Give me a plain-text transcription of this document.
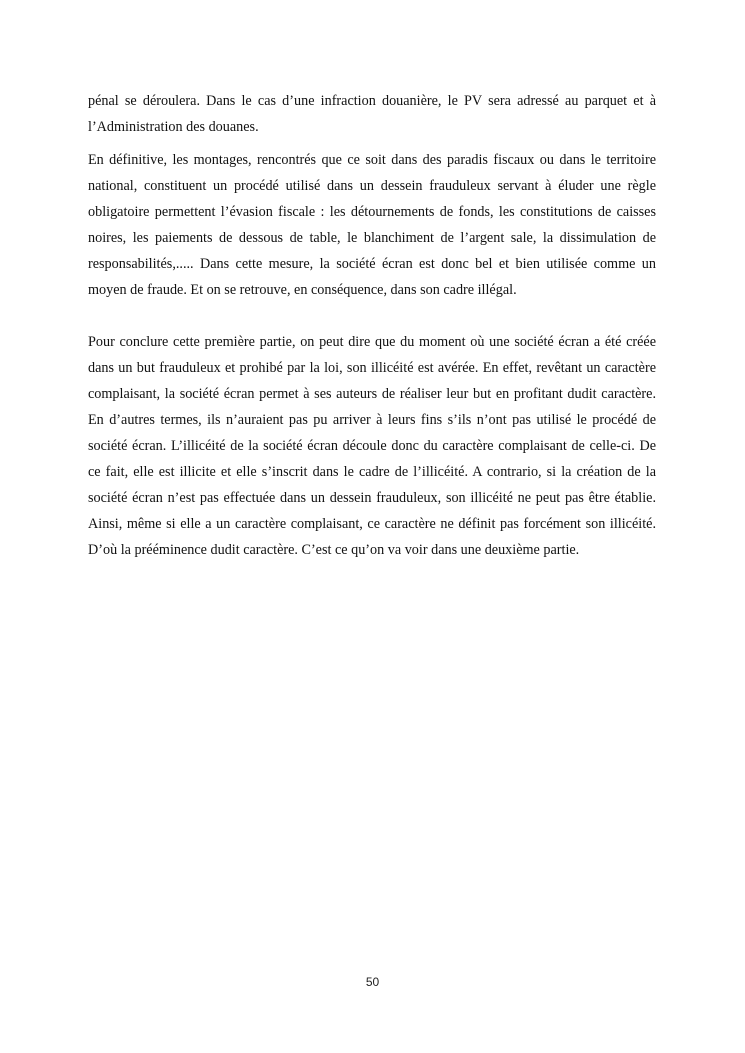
pénal se déroulera. Dans le cas d’une infraction douanière, le PV sera adressé au parquet et à l’Administration des douanes.

En définitive, les montages, rencontrés que ce soit dans des paradis fiscaux ou dans le territoire national, constituent un procédé utilisé dans un dessein frauduleux servant à éluder une règle obligatoire permettent l’évasion fiscale : les détournements de fonds, les constitutions de caisses noires, les paiements de dessous de table, le blanchiment de l’argent sale, la dissimulation de responsabilités,..... Dans cette mesure, la société écran est donc bel et bien utilisée comme un moyen de fraude. Et on se retrouve, en conséquence, dans son cadre illégal.

Pour conclure cette première partie, on peut dire que du moment où une société écran a été créée dans un but frauduleux et prohibé par la loi, son illicéité est avérée. En effet, revêtant un caractère complaisant, la société écran permet à ses auteurs de réaliser leur but en profitant dudit caractère. En d’autres termes, ils n’auraient pas pu arriver à leurs fins s’ils n’ont pas utilisé le procédé de société écran. L’illicéité de la société écran découle donc du caractère complaisant de celle-ci. De ce fait, elle est illicite et elle s’inscrit dans le cadre de l’illicéité. A contrario, si la création de la société écran n’est pas effectuée dans un dessein frauduleux, son illicéité ne peut pas être établie. Ainsi, même si elle a un caractère complaisant, ce caractère ne définit pas forcément son illicéité. D’où la prééminence dudit caractère. C’est ce qu’on va voir dans une deuxième partie.

50
